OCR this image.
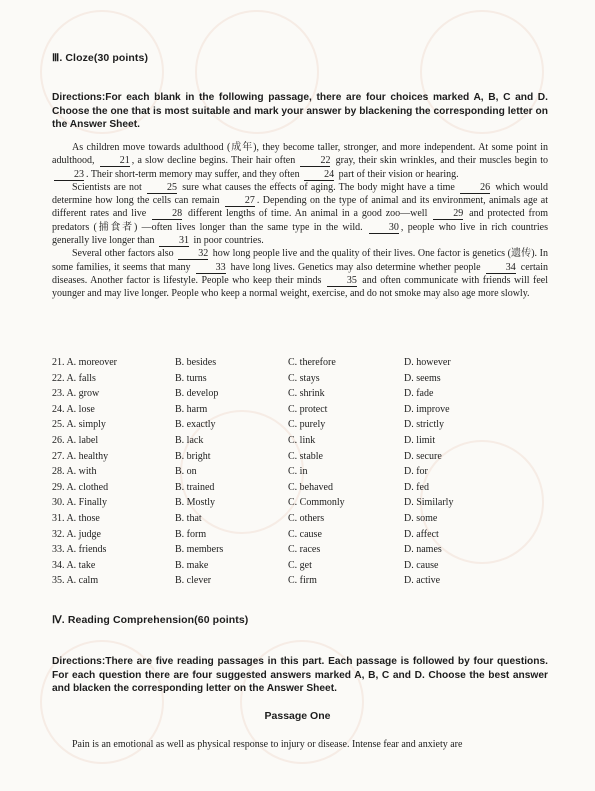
Ⅲ. Cloze(30 points)
Directions:For each blank in the following passage, there are four choices marked A, B, C and D. Choose the one that is most suitable and mark your answer by blackening the corresponding letter on the Answer Sheet.

As children move towards adulthood (成年), they become taller, stronger, and more independent. At some point in adulthood, 21 , a slow decline begins. Their hair often 22 gray, their skin wrinkles, and their muscles begin to 23 . Their short-term memory may suffer, and they often 24 part of their vision or hearing.

Scientists are not 25 sure what causes the effects of aging. The body might have a time 26 which would determine how long the cells can remain 27 . Depending on the type of animal and its environment, animals age at different rates and live 28 different lengths of time. An animal in a good zoo—well 29 and protected from predators (捕食者) —often lives longer than the same type in the wild. 30 , people who live in rich countries generally live longer than 31 in poor countries.

Several other factors also 32 how long people live and the quality of their lives. One factor is genetics (遗传). In some families, it seems that many 33 have long lives. Genetics may also determine whether people 34 certain diseases. Another factor is lifestyle. People who keep their minds 35 and often communicate with friends will feel younger and may live longer. People who keep a normal weight, exercise, and do not smoke may also age more slowly.

21. A. moreover	B. besides	C. therefore	D. however
22. A. falls	B. turns	C. stays	D. seems
23. A. grow	B. develop	C. shrink	D. fade
24. A. lose	B. harm	C. protect	D. improve
25. A. simply	B. exactly	C. purely	D. strictly
26. A. label	B. lack	C. link	D. limit
27. A. healthy	B. bright	C. stable	D. secure
28. A. with	B. on	C. in	D. for
29. A. clothed	B. trained	C. behaved	D. fed
30. A. Finally	B. Mostly	C. Commonly	D. Similarly
31. A. those	B. that	C. others	D. some
32. A. judge	B. form	C. cause	D. affect
33. A. friends	B. members	C. races	D. names
34. A. take	B. make	C. get	D. cause
35. A. calm	B. clever	C. firm	D. active
Ⅳ. Reading Comprehension(60 points)
Directions:There are five reading passages in this part. Each passage is followed by four questions. For each question there are four suggested answers marked A, B, C and D. Choose the best answer and blacken the corresponding letter on the Answer Sheet.
Passage One
Pain is an emotional as well as physical response to injury or disease. Intense fear and anxiety are
